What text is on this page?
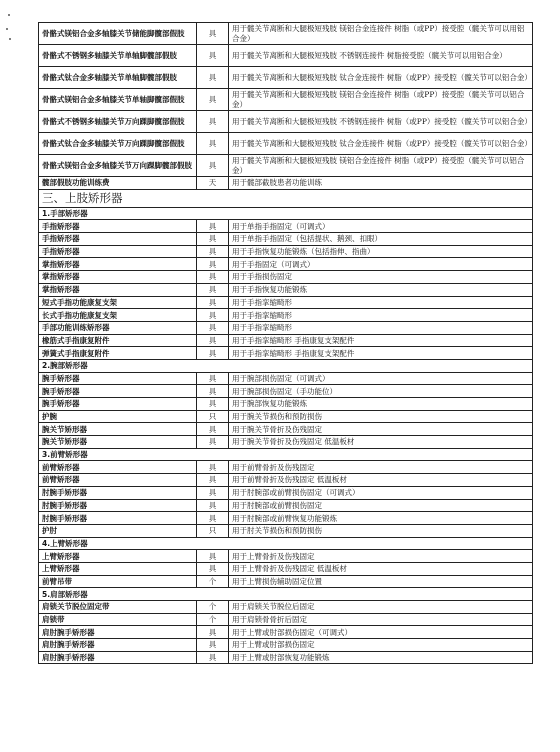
骨骼式镁铝合金多轴膝关节储能脚髋部假肢	具	用于髋关节离断和大腿极短残肢 镁铝合金连接件 树脂（或PP）接受腔（髋关节可以用铝合金）
骨骼式不锈钢多轴膝关节单轴脚髋部假肢	具	用于髋关节离断和大腿极短残肢 不锈钢连接件 树脂接受腔（髋关节可以用铝合金）
骨骼式钛合金多轴膝关节单轴脚髋部假肢	具	用于髋关节离断和大腿极短残肢 钛合金连接件 树脂（或PP）接受腔（髋关节可以铝合金）
骨骼式镁铝合金多轴膝关节单轴脚髋部假肢	具	用于髋关节离断和大腿极短残肢 镁铝合金连接件 树脂（或PP）接受腔（髋关节可以铝合金）
骨骼式不锈钢多轴膝关节万向踝脚髋部假肢	具	用于髋关节离断和大腿极短残肢 不锈钢连接件 树脂（或PP）接受腔（髋关节可以铝合金）
骨骼式钛合金多轴膝关节万向踝脚髋部假肢	具	用于髋关节离断和大腿极短残肢 钛合金连接件 树脂（或PP）接受腔（髋关节可以铝合金）
骨骼式镁铝合金多轴膝关节万向踝脚髋部假肢	具	用于髋关节离断和大腿极短残肢 镁铝合金连接件 树脂（或PP）接受腔（髋关节可以铝合金）
髋部假肢功能训练费	天	用于髋部截肢患者功能训练
三、上肢矫形器		
1.手部矫形器		
手指矫形器	具	用于单指手指固定（可调式）
手指矫形器	具	用于单指手指固定（包括提状、鹅颈、扣眼）
手指矫形器	具	用于手指恢复功能锻炼（包括指伸、指曲）
掌指矫形器	具	用于手指固定（可调式）
掌指矫形器	具	用于手指损伤固定
掌指矫形器	具	用于手指恢复功能锻炼
短式手指功能康复支架	具	用于手指挛缩畸形
长式手指功能康复支架	具	用于手指挛缩畸形
手部功能训练矫形器	具	用于手指挛缩畸形
橡筋式手指康复附件	具	用于手指挛缩畸形 手指康复支架配件
弹簧式手指康复附件	具	用于手指挛缩畸形 手指康复支架配件
2.腕部矫形器		
腕手矫形器	具	用于腕部损伤固定（可调式）
腕手矫形器	具	用于腕部损伤固定（手功能位）
腕手矫形器	具	用于腕部恢复功能锻炼
护腕	只	用于腕关节损伤和预防损伤
腕关节矫形器	具	用于腕关节骨折及伤残固定
腕关节矫形器	具	用于腕关节骨折及伤残固定 低温板材
3.前臂矫形器		
前臂矫形器	具	用于前臂骨折及伤残固定
前臂矫形器	具	用于前臂骨折及伤残固定 低温板材
肘腕手矫形器	具	用于肘腕部或前臂损伤固定（可调式）
肘腕手矫形器	具	用于肘腕部或前臂损伤固定
肘腕手矫形器	具	用于肘腕部或前臂恢复功能锻炼
护肘	只	用于肘关节损伤和预防损伤
4.上臂矫形器		
上臂矫形器	具	用于上臂骨折及伤残固定
上臂矫形器	具	用于上臂骨折及伤残固定 低温板材
前臂吊带	个	用于上臂损伤辅助固定位置
5.肩部矫形器		
肩锁关节脱位固定带	个	用于肩锁关节脱位后固定
肩锁带	个	用于肩锁骨骨折后固定
肩肘腕手矫形器	具	用于上臂或肘部损伤固定（可调式）
肩肘腕手矫形器	具	用于上臂或肘部损伤固定
肩肘腕手矫形器	具	用于上臂或肘部恢复功能锻炼
